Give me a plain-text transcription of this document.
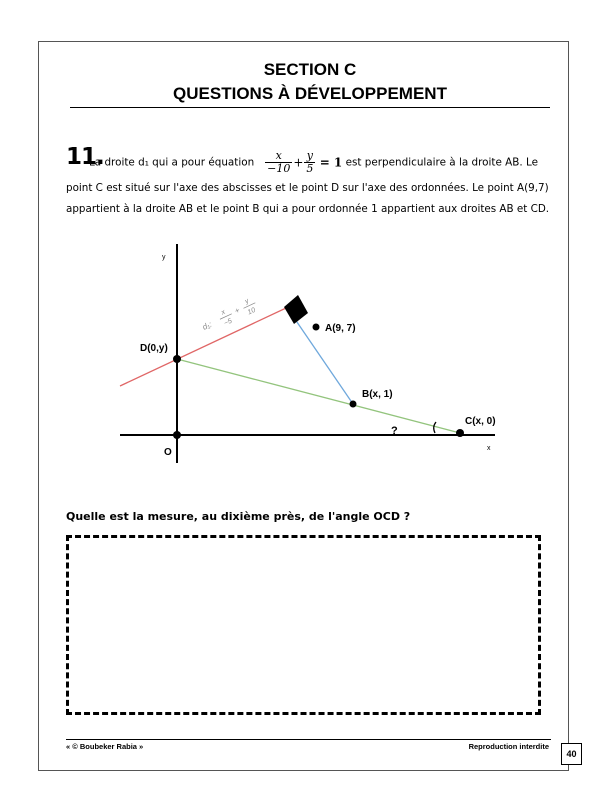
SECTION C
QUESTIONS À DÉVELOPPEMENT
11.
La droite d₁ qui a pour équation $\frac{x}{-10} + \frac{y}{5} = 1$ est perpendiculaire à la droite AB. Le
point C est situé sur l'axe des abscisses et le point D sur l'axe des ordonnées. Le point A(9,7)
appartient à la droite AB et le point B qui a pour ordonnée 1 appartient aux droites AB et CD.
y
x
O
D(0,y)
A(9, 7)
B(x, 1)
C(x, 0)
?
d₁:
x
−5
+
y
10
Quelle est la mesure, au dixième près, de l'angle OCD ?
« © Boubeker Rabia »	Reproduction interdite
40
